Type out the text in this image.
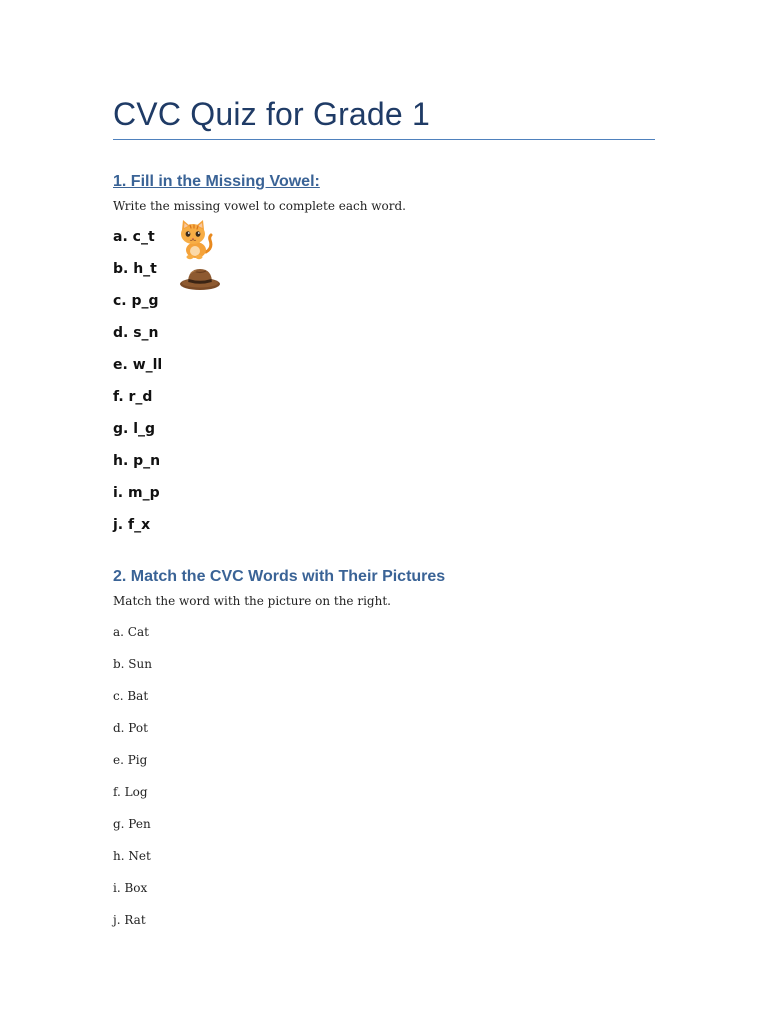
CVC Quiz for Grade 1
1. Fill in the Missing Vowel:

Write the missing vowel to complete each word.

a. c_t
b. h_t
c. p_g
d. s_n
e. w_ll
f. r_d
g. l_g
h. p_n
i. m_p
j. f_x
2. Match the CVC Words with Their Pictures

Match the word with the picture on the right.

a. Cat
b. Sun
c. Bat
d. Pot
e. Pig
f. Log
g. Pen
h. Net
i. Box
j. Rat
